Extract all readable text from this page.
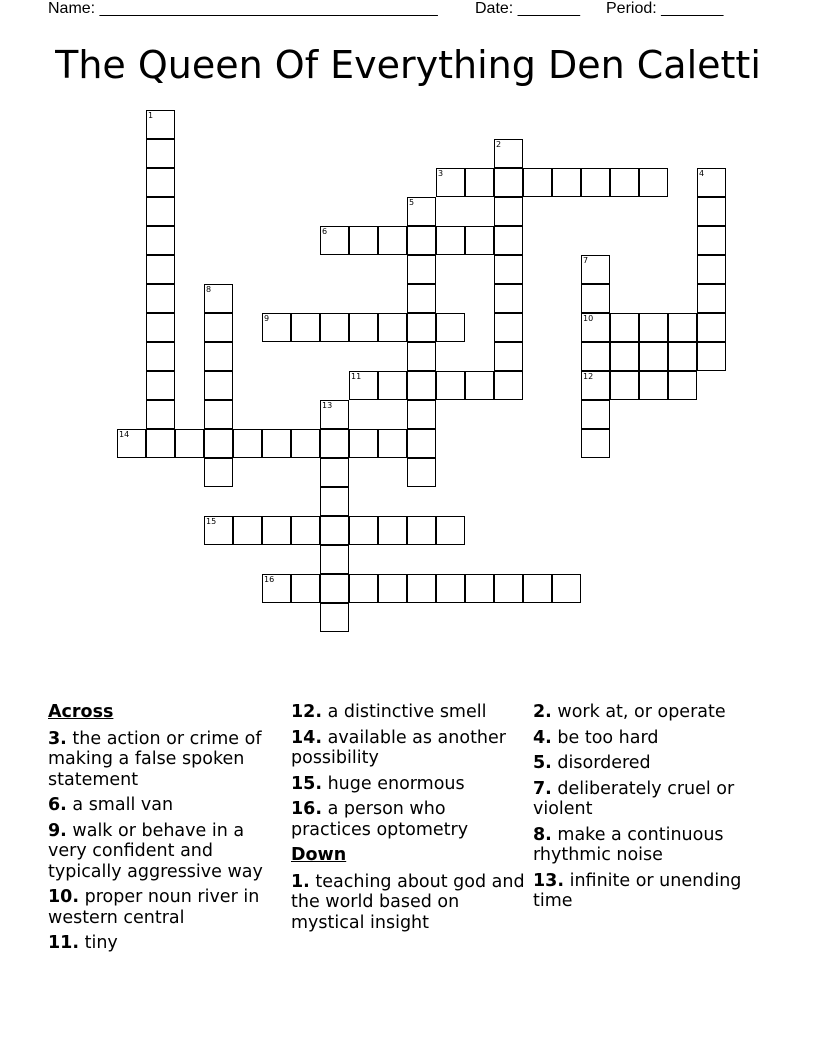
Name: ______________________________________

Date: _______

Period: _______

The Queen Of Everything Den Caletti
1
2
3	4
5
6
7
10
12
8
9
11
13
14
15
16
Across
3. the action or crime of making a false spoken statement
6. a small van
9. walk or behave in a very confident and typically aggressive way
10. proper noun river in western central
11. tiny
12. a distinctive smell
14. available as another possibility
15. huge enormous
16. a person who practices optometry
Down
1. teaching about god and the world based on mystical insight
2. work at, or operate
4. be too hard
5. disordered
7. deliberately cruel or violent
8. make a continuous rhythmic noise
13. infinite or unending time
